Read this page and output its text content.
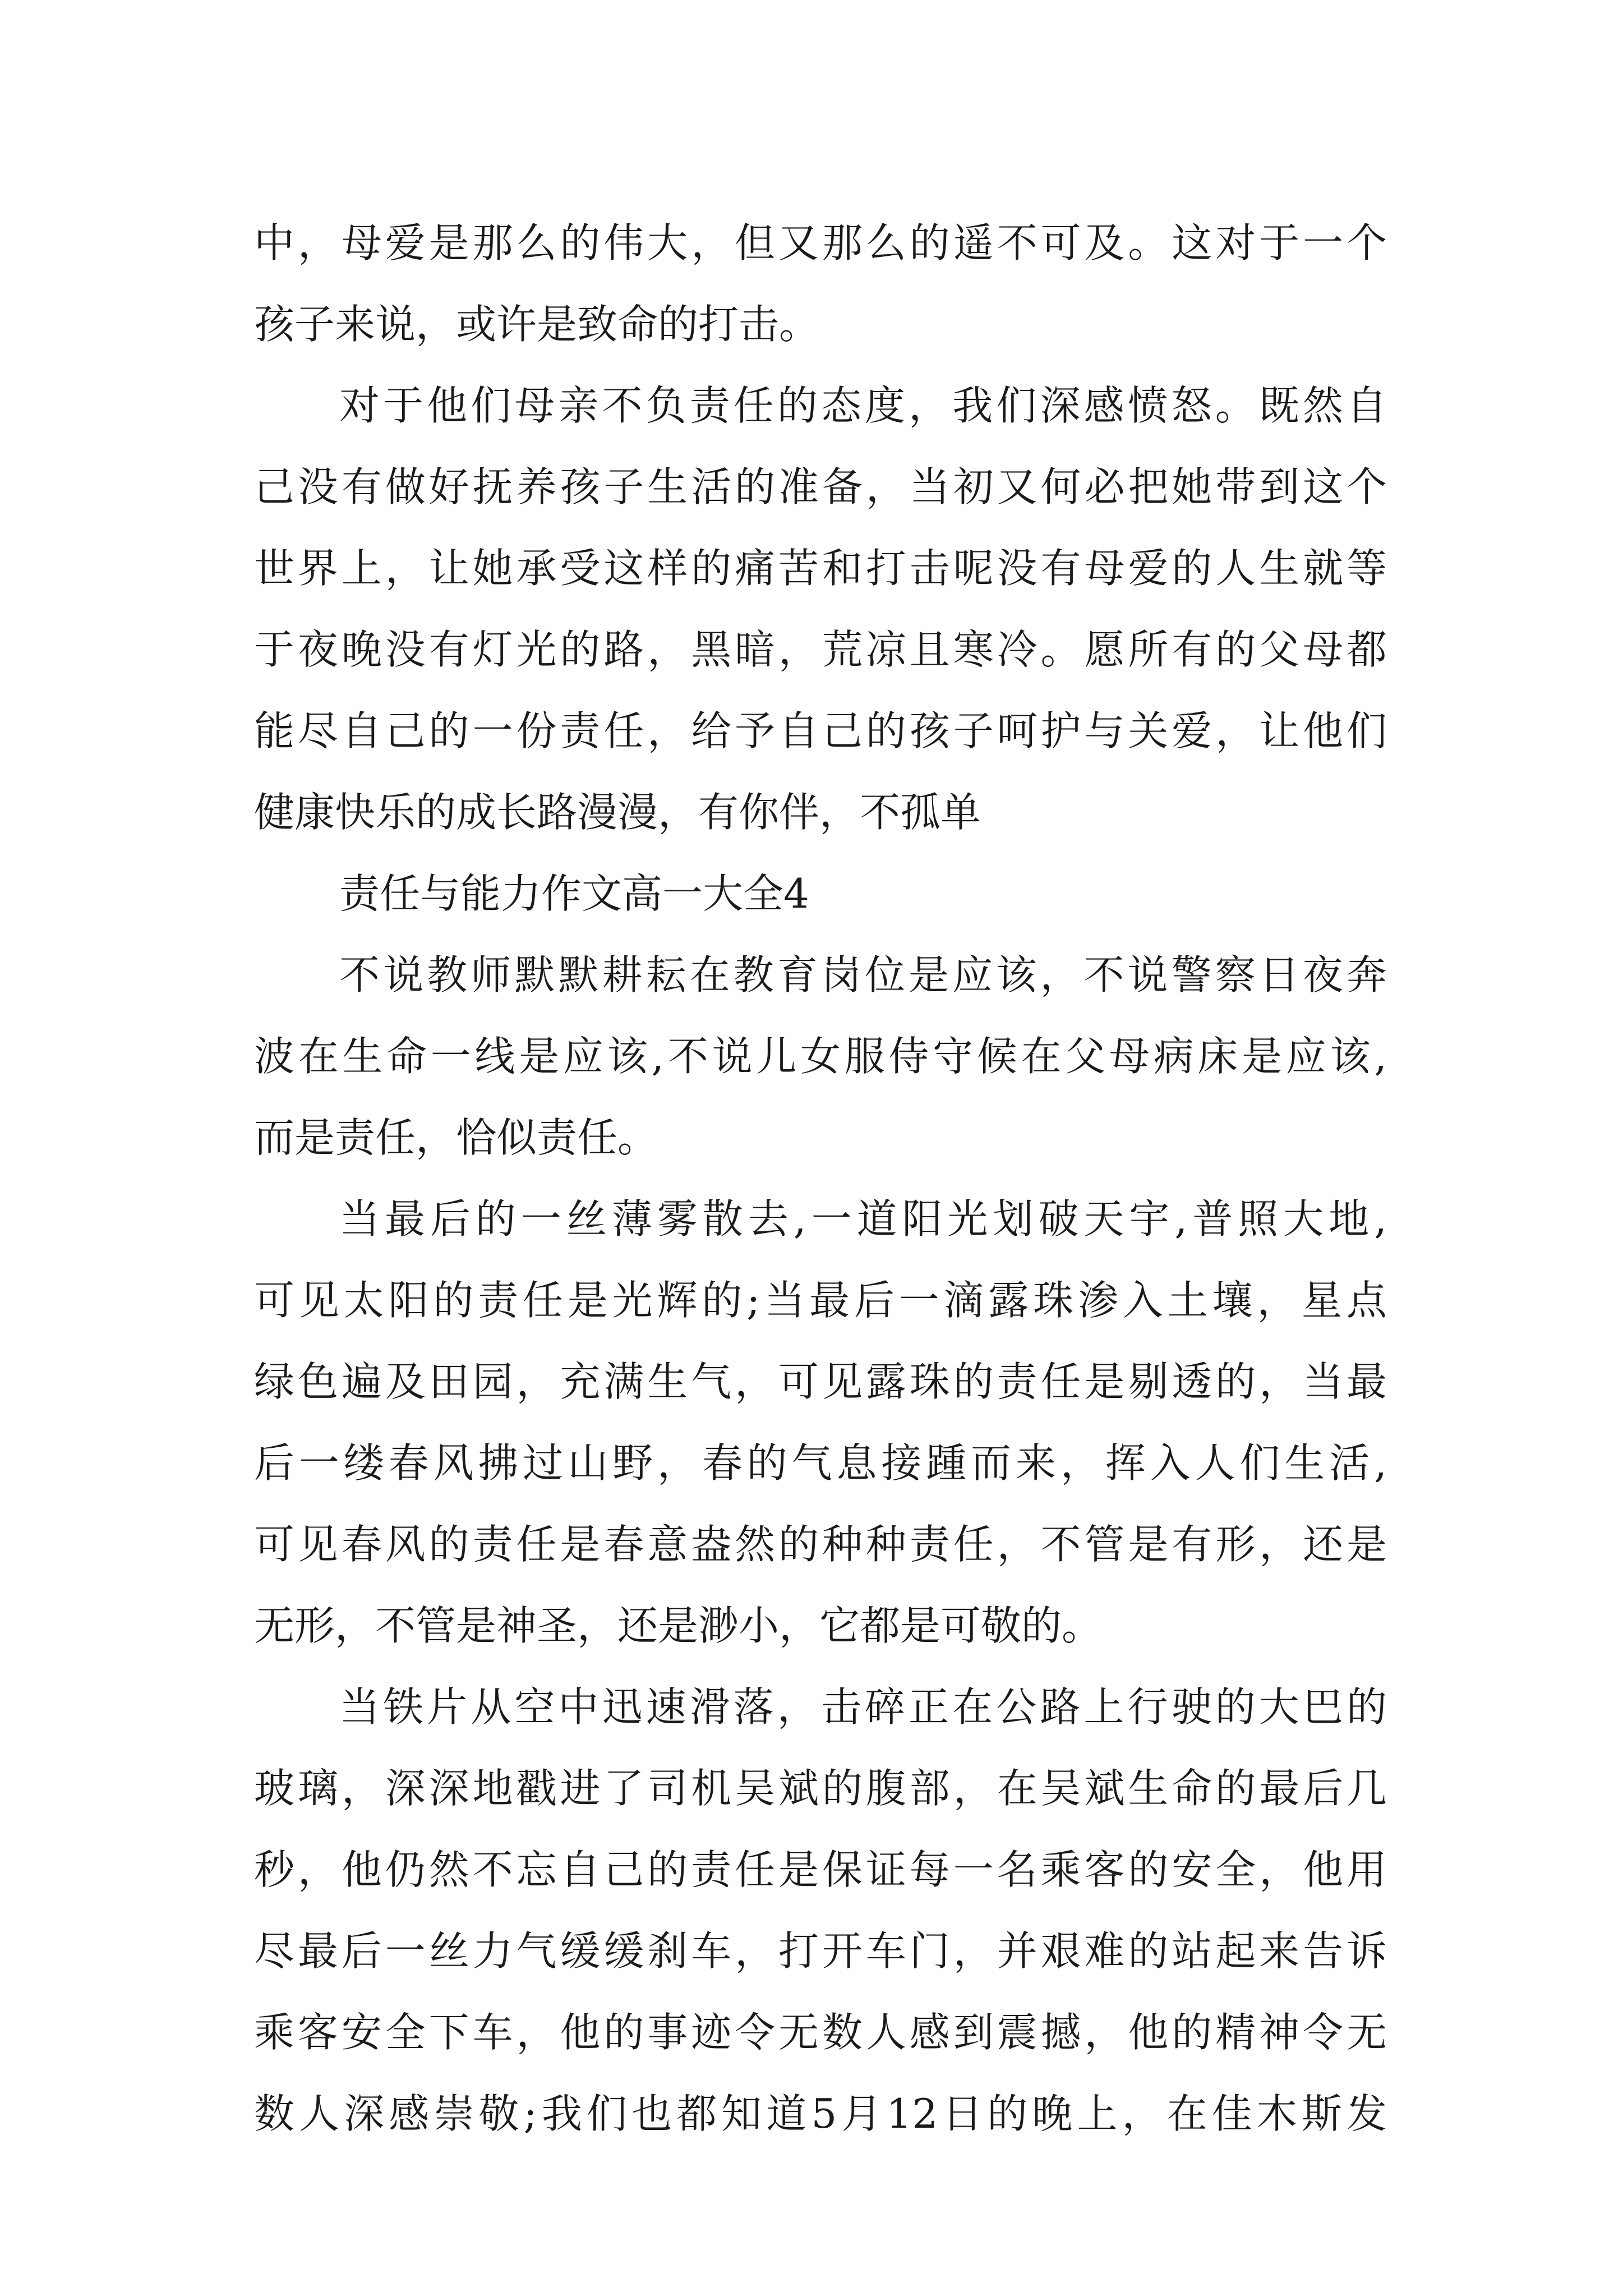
中，母爱是那么的伟大，但又那么的遥不可及。这对于一个
孩子来说，或许是致命的打击。
对于他们母亲不负责任的态度，我们深感愤怒。既然自
己没有做好抚养孩子生活的准备，当初又何必把她带到这个
世界上，让她承受这样的痛苦和打击呢没有母爱的人生就等
于夜晚没有灯光的路，黑暗，荒凉且寒冷。愿所有的父母都
能尽自己的一份责任，给予自己的孩子呵护与关爱，让他们
健康快乐的成长路漫漫，有你伴，不孤单
责任与能力作文高一大全4
不说教师默默耕耘在教育岗位是应该，不说警察日夜奔
波在生命一线是应该,不说儿女服侍守候在父母病床是应该,
而是责任，恰似责任。
当最后的一丝薄雾散去,一道阳光划破天宇,普照大地,
可见太阳的责任是光辉的;当最后一滴露珠渗入土壤，星点
绿色遍及田园，充满生气，可见露珠的责任是剔透的，当最
后一缕春风拂过山野，春的气息接踵而来，挥入人们生活,
可见春风的责任是春意盎然的种种责任，不管是有形，还是
无形，不管是神圣，还是渺小，它都是可敬的。
当铁片从空中迅速滑落，击碎正在公路上行驶的大巴的
玻璃，深深地戳进了司机吴斌的腹部，在吴斌生命的最后几
秒，他仍然不忘自己的责任是保证每一名乘客的安全，他用
尽最后一丝力气缓缓刹车，打开车门，并艰难的站起来告诉
乘客安全下车，他的事迹令无数人感到震撼，他的精神令无
数人深感崇敬;我们也都知道5月12日的晚上，在佳木斯发
